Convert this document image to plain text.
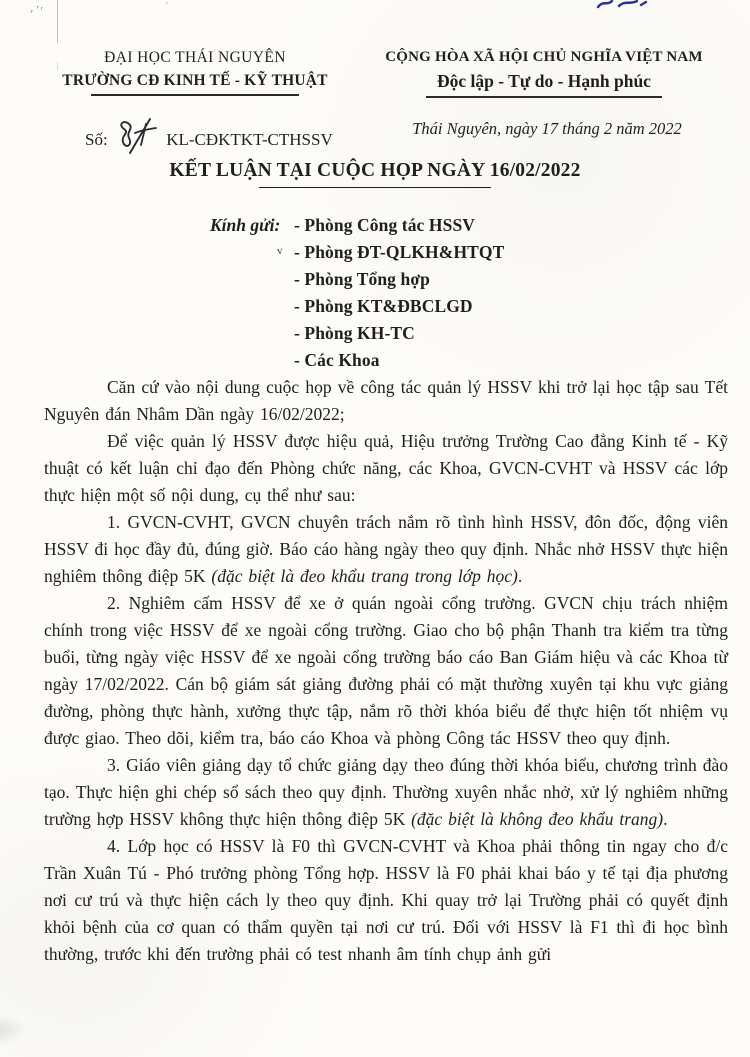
,''	'
ĐẠI HỌC THÁI NGUYÊN
TRƯỜNG CĐ KINH TẾ - KỸ THUẬT
CỘNG HÒA XÃ HỘI CHỦ NGHĨA VIỆT NAM
Độc lập - Tự do - Hạnh phúc
Số:	KL-CĐKTKT-CTHSSV
Thái Nguyên, ngày 17 tháng 2 năm 2022
KẾT LUẬN TẠI CUỘC HỌP NGÀY 16/02/2022
Kính gửi: - Phòng Công tác HSSV
- Phòng ĐT-QLKH&HTQT
- Phòng Tổng hợp
- Phòng KT&ĐBCLGD
- Phòng KH-TC
- Các Khoa
v

Căn cứ vào nội dung cuộc họp về công tác quản lý HSSV khi trở lại học tập sau Tết Nguyên đán Nhâm Dần ngày 16/02/2022;

Để việc quản lý HSSV được hiệu quả, Hiệu trưởng Trường Cao đẳng Kinh tế - Kỹ thuật có kết luận chỉ đạo đến Phòng chức năng, các Khoa, GVCN-CVHT và HSSV các lớp thực hiện một số nội dung, cụ thể như sau:

1. GVCN-CVHT, GVCN chuyên trách nắm rõ tình hình HSSV, đôn đốc, động viên HSSV đi học đầy đủ, đúng giờ. Báo cáo hàng ngày theo quy định. Nhắc nhở HSSV thực hiện nghiêm thông điệp 5K (đặc biệt là đeo khẩu trang trong lớp học).

2. Nghiêm cấm HSSV để xe ở quán ngoài cổng trường. GVCN chịu trách nhiệm chính trong việc HSSV để xe ngoài cổng trường. Giao cho bộ phận Thanh tra kiểm tra từng buổi, từng ngày việc HSSV để xe ngoài cổng trường báo cáo Ban Giám hiệu và các Khoa từ ngày 17/02/2022. Cán bộ giám sát giảng đường phải có mặt thường xuyên tại khu vực giảng đường, phòng thực hành, xưởng thực tập, nắm rõ thời khóa biểu để thực hiện tốt nhiệm vụ được giao. Theo dõi, kiểm tra, báo cáo Khoa và phòng Công tác HSSV theo quy định.

3. Giáo viên giảng dạy tổ chức giảng dạy theo đúng thời khóa biểu, chương trình đào tạo. Thực hiện ghi chép sổ sách theo quy định. Thường xuyên nhắc nhở, xử lý nghiêm những trường hợp HSSV không thực hiện thông điệp 5K (đặc biệt là không đeo khẩu trang).

4. Lớp học có HSSV là F0 thì GVCN-CVHT và Khoa phải thông tin ngay cho đ/c Trần Xuân Tú - Phó trưởng phòng Tổng hợp. HSSV là F0 phải khai báo y tế tại địa phương nơi cư trú và thực hiện cách ly theo quy định. Khi quay trở lại Trường phải có quyết định khỏi bệnh của cơ quan có thẩm quyền tại nơi cư trú. Đối với HSSV là F1 thì đi học bình thường, trước khi đến trường phải có test nhanh âm tính chụp ảnh gửi
